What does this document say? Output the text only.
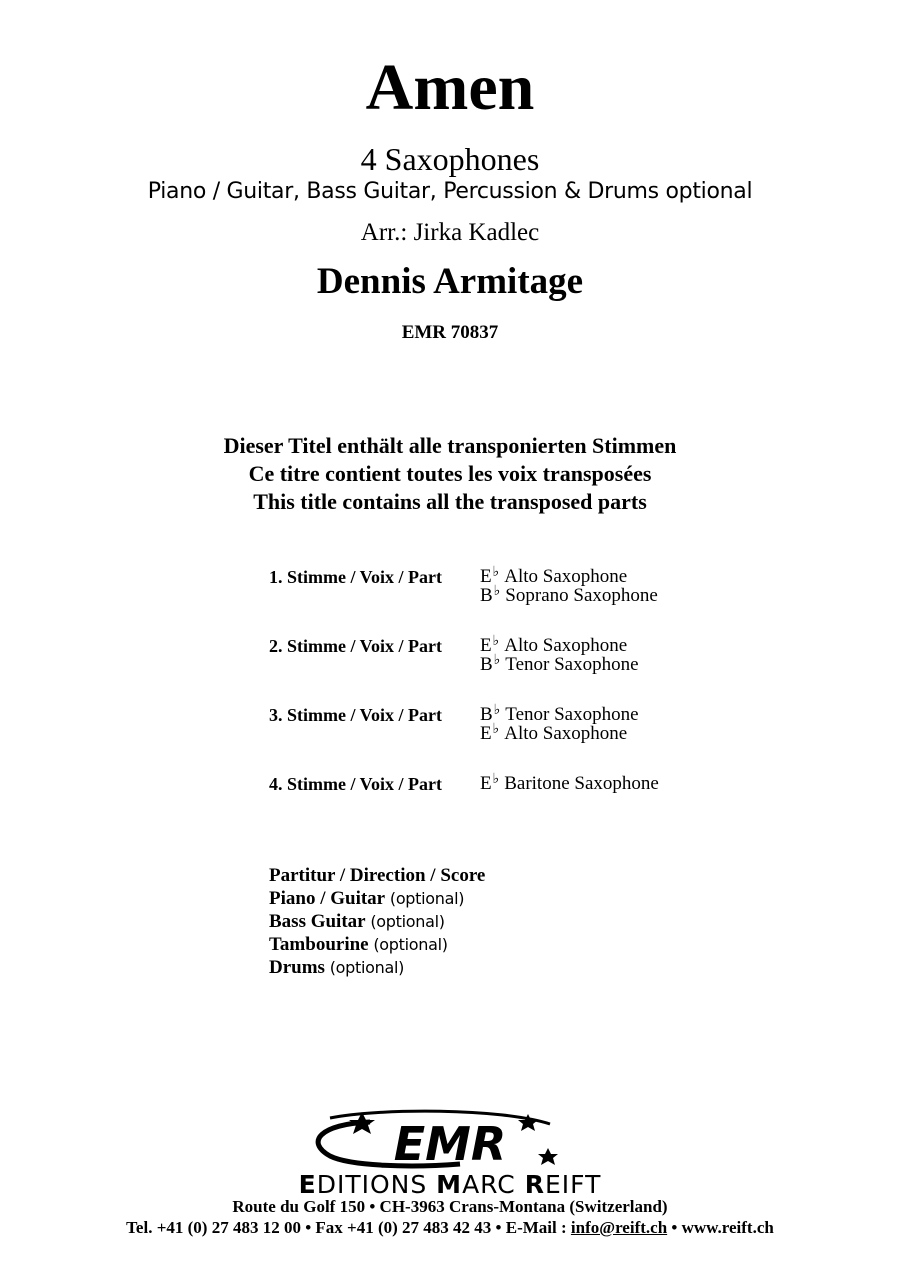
Amen
4 Saxophones
Piano / Guitar, Bass Guitar, Percussion & Drums optional
Arr.: Jirka Kadlec
Dennis Armitage
EMR 70837
Dieser Titel enthält alle transponierten Stimmen
Ce titre contient toutes les voix transposées
This title contains all the transposed parts
1. Stimme / Voix / Part E♭ Alto Saxophone
B♭ Soprano Saxophone
2. Stimme / Voix / Part E♭ Alto Saxophone
B♭ Tenor Saxophone
3. Stimme / Voix / Part B♭ Tenor Saxophone
E♭ Alto Saxophone
4. Stimme / Voix / Part E♭ Baritone Saxophone
Partitur / Direction / Score
Piano / Guitar (optional)
Bass Guitar (optional)
Tambourine (optional)
Drums (optional)
EMR
EDITIONS MARC REIFT
Route du Golf 150 • CH-3963 Crans-Montana (Switzerland)
Tel. +41 (0) 27 483 12 00 • Fax +41 (0) 27 483 42 43 • E-Mail : info@reift.ch • www.reift.ch
